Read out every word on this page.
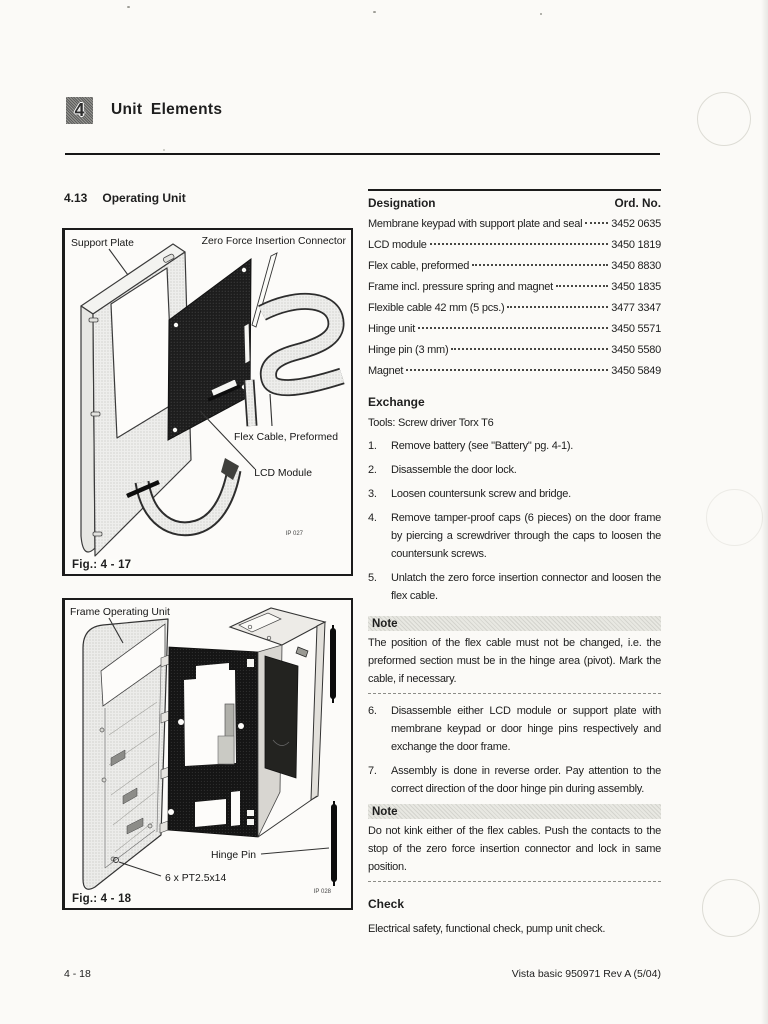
4	Unit Elements
4.13 Operating Unit
Support Plate	Zero Force Insertion Connector
Flex Cable, Preformed
LCD Module
IP 027
Fig.: 4 - 17
Frame Operating Unit
Hinge Pin
6 x PT2.5x14
IP 028
Fig.: 4 - 18
Designation	Ord. No.
Membrane keypad with support plate and seal	3452 0635
LCD module	3450 1819
Flex cable, preformed	3450 8830
Frame incl. pressure spring and magnet	3450 1835
Flexible cable 42 mm (5 pcs.)	3477 3347
Hinge unit	3450 5571
Hinge pin (3 mm)	3450 5580
Magnet	3450 5849
Exchange
Tools: Screw driver Torx T6
1.	Remove battery (see "Battery" pg. 4-1).
2.	Disassemble the door lock.
3.	Loosen countersunk screw and bridge.
4.	Remove tamper-proof caps (6 pieces) on the door frame by piercing a screwdriver through the caps to loosen the countersunk screws.
5.	Unlatch the zero force insertion connector and loosen the flex cable.
Note
The position of the flex cable must not be changed, i.e. the preformed section must be in the hinge area (pivot). Mark the cable, if necessary.
6.	Disassemble either LCD module or support plate with membrane keypad or door hinge pins respectively and exchange the door frame.
7.	Assembly is done in reverse order. Pay attention to the correct direction of the door hinge pin during assembly.
Note
Do not kink either of the flex cables. Push the contacts to the stop of the zero force insertion connector and lock in same position.
Check
Electrical safety, functional check, pump unit check.
4 - 18	Vista basic 950971 Rev A (5/04)
